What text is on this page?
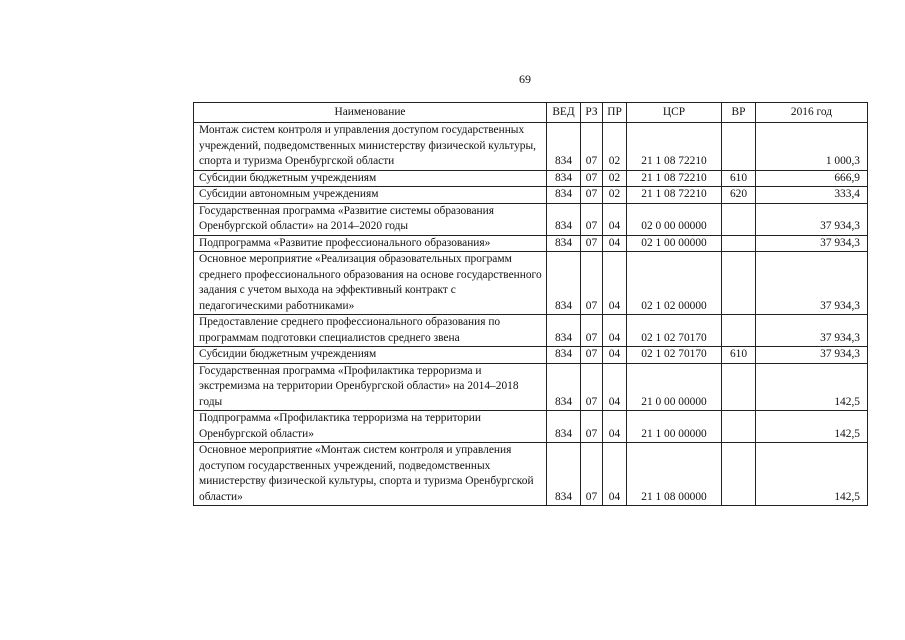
69
Наименование	ВЕД	РЗ	ПР	ЦСР	ВР	2016 год
Монтаж систем контроля и управления доступом государственных учреждений, подведомственных министерству физической культуры, спорта и туризма Оренбургской области	834	07	02	21 1 08 72210		1 000,3
Субсидии бюджетным учреждениям	834	07	02	21 1 08 72210	610	666,9
Субсидии автономным учреждениям	834	07	02	21 1 08 72210	620	333,4
Государственная программа «Развитие системы образования Оренбургской области» на 2014–2020 годы	834	07	04	02 0 00 00000		37 934,3
Подпрограмма «Развитие профессионального образования»	834	07	04	02 1 00 00000		37 934,3
Основное мероприятие «Реализация образовательных программ среднего профессионального образования на основе государственного задания с учетом выхода на эффективный контракт с педагогическими работниками»	834	07	04	02 1 02 00000		37 934,3
Предоставление среднего профессионального образования по программам подготовки специалистов среднего звена	834	07	04	02 1 02 70170		37 934,3
Субсидии бюджетным учреждениям	834	07	04	02 1 02 70170	610	37 934,3
Государственная программа «Профилактика терроризма и экстремизма на территории Оренбургской области» на 2014–2018 годы	834	07	04	21 0 00 00000		142,5
Подпрограмма «Профилактика терроризма на территории Оренбургской области»	834	07	04	21 1 00 00000		142,5
Основное мероприятие «Монтаж систем контроля и управления доступом государственных учреждений, подведомственных министерству физической культуры, спорта и туризма Оренбургской области»	834	07	04	21 1 08 00000		142,5
